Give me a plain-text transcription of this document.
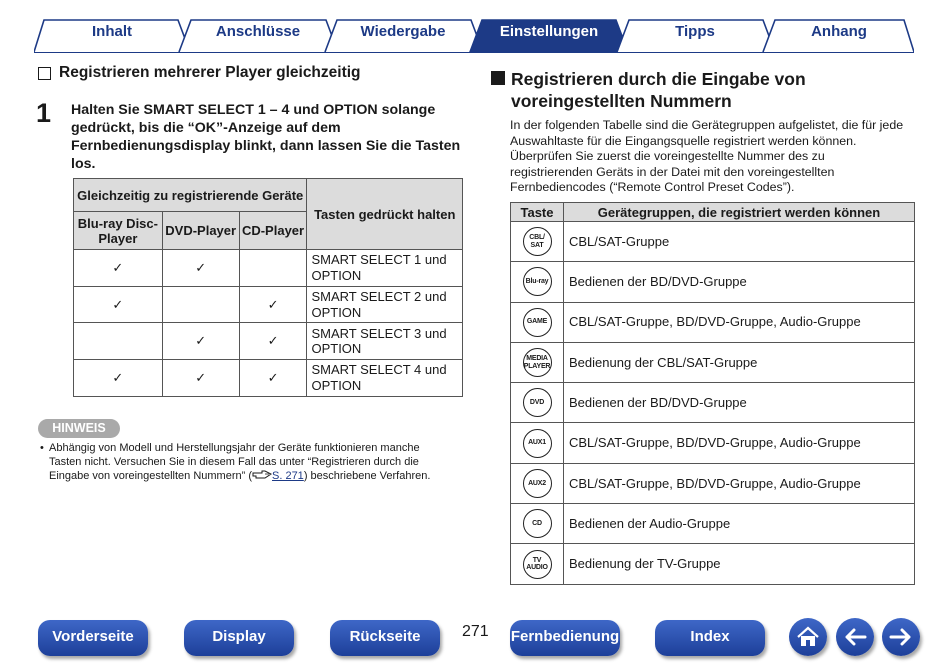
Inhalt	Anschlüsse	Wiedergabe	Einstellungen	Tipps	Anhang
Registrieren mehrerer Player gleichzeitig
1 Halten Sie SMART SELECT 1 – 4 und OPTION solange gedrückt, bis die “OK”-Anzeige auf dem Fernbedienungsdisplay blinkt, dann lassen Sie die Tasten los.
Gleichzeitig zu registrierende Geräte			Tasten gedrückt halten
Blu-ray Disc-Player	DVD-Player	CD-Player	
✓	✓		SMART SELECT 1 und OPTION
✓		✓	SMART SELECT 2 und OPTION
	✓	✓	SMART SELECT 3 und OPTION
✓	✓	✓	SMART SELECT 4 und OPTION
HINWEIS
• Abhängig von Modell und Herstellungsjahr der Geräte funktionieren manche Tasten nicht. Versuchen Sie in diesem Fall das unter “Registrieren durch die Eingabe von voreingestellten Nummern” ( S. 271) beschriebene Verfahren.
Registrieren durch die Eingabe von voreingestellten Nummern
In der folgenden Tabelle sind die Gerätegruppen aufgelistet, die für jede Auswahltaste für die Eingangsquelle registriert werden können. Überprüfen Sie zuerst die voreingestellte Nummer des zu registrierenden Geräts in der Datei mit den voreingestellten Fernbediencodes (“Remote Control Preset Codes”).
Taste	Gerätegruppen, die registriert werden können

CBL/
SAT	CBL/SAT-Gruppe

Blu-ray	Bedienen der BD/DVD-Gruppe

GAME	CBL/SAT-Gruppe, BD/DVD-Gruppe, Audio-Gruppe

MEDIA
PLAYER	Bedienung der CBL/SAT-Gruppe

DVD	Bedienen der BD/DVD-Gruppe

AUX1	CBL/SAT-Gruppe, BD/DVD-Gruppe, Audio-Gruppe

AUX2	CBL/SAT-Gruppe, BD/DVD-Gruppe, Audio-Gruppe

CD	Bedienen der Audio-Gruppe

TV
AUDIO	Bedienung der TV-Gruppe
Vorderseite	Display	Rückseite	271 Fernbedienung	Index
